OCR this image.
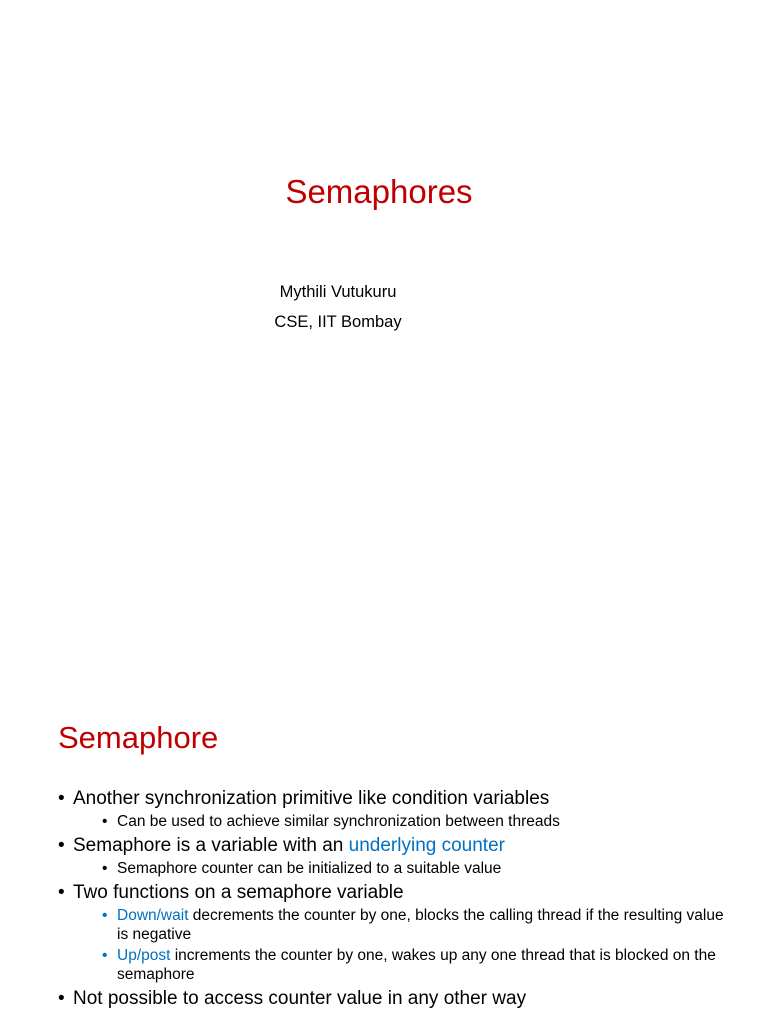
Semaphores
Mythili Vutukuru
CSE, IIT Bombay
Semaphore
• Another synchronization primitive like condition variables
• Can be used to achieve similar synchronization between threads
• Semaphore is a variable with an underlying counter
• Semaphore counter can be initialized to a suitable value
• Two functions on a semaphore variable
• Down/wait decrements the counter by one, blocks the calling thread if the resulting value is negative
• Up/post increments the counter by one, wakes up any one thread that is blocked on the semaphore
• Not possible to access counter value in any other way
